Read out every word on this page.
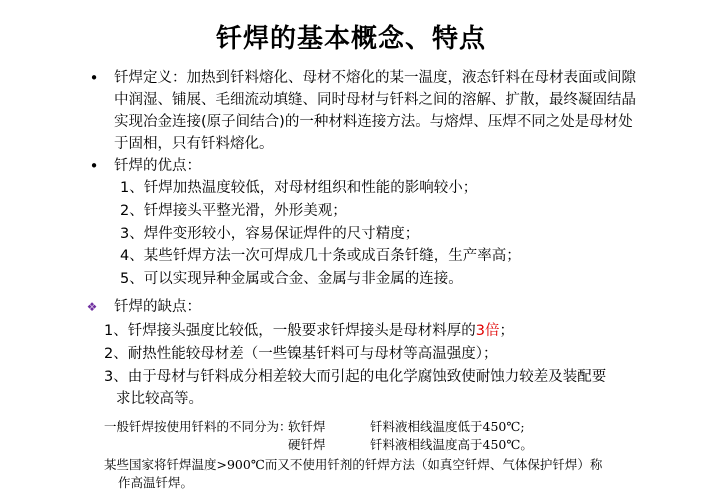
钎焊的基本概念、特点
• 钎焊定义：加热到钎料熔化、母材不熔化的某一温度，液态钎料在母材表面或间隙中润湿、铺展、毛细流动填缝、同时母材与钎料之间的溶解、扩散，最终凝固结晶实现冶金连接(原子间结合)的一种材料连接方法。与熔焊、压焊不同之处是母材处于固相，只有钎料熔化。
• 钎焊的优点：
1、钎焊加热温度较低，对母材组织和性能的影响较小；
2、钎焊接头平整光滑，外形美观；
3、焊件变形较小，容易保证焊件的尺寸精度；
4、某些钎焊方法一次可焊成几十条或成百条钎缝，生产率高；
5、可以实现异种金属或合金、金属与非金属的连接。
❖ 钎焊的缺点：
1、钎焊接头强度比较低，一般要求钎焊接头是母材料厚的3倍；
2、耐热性能较母材差（一些镍基钎料可与母材等高温强度）；
3、由于母材与钎料成分相差较大而引起的电化学腐蚀致使耐蚀力较差及装配要
求比较高等。
一般钎焊按使用钎料的不同分为：
软钎焊	钎料液相线温度低于450℃;
硬钎焊	钎料液相线温度高于450℃。
某些国家将钎焊温度>900℃而又不使用钎剂的钎焊方法（如真空钎焊、气体保护钎焊）称
作高温钎焊。
